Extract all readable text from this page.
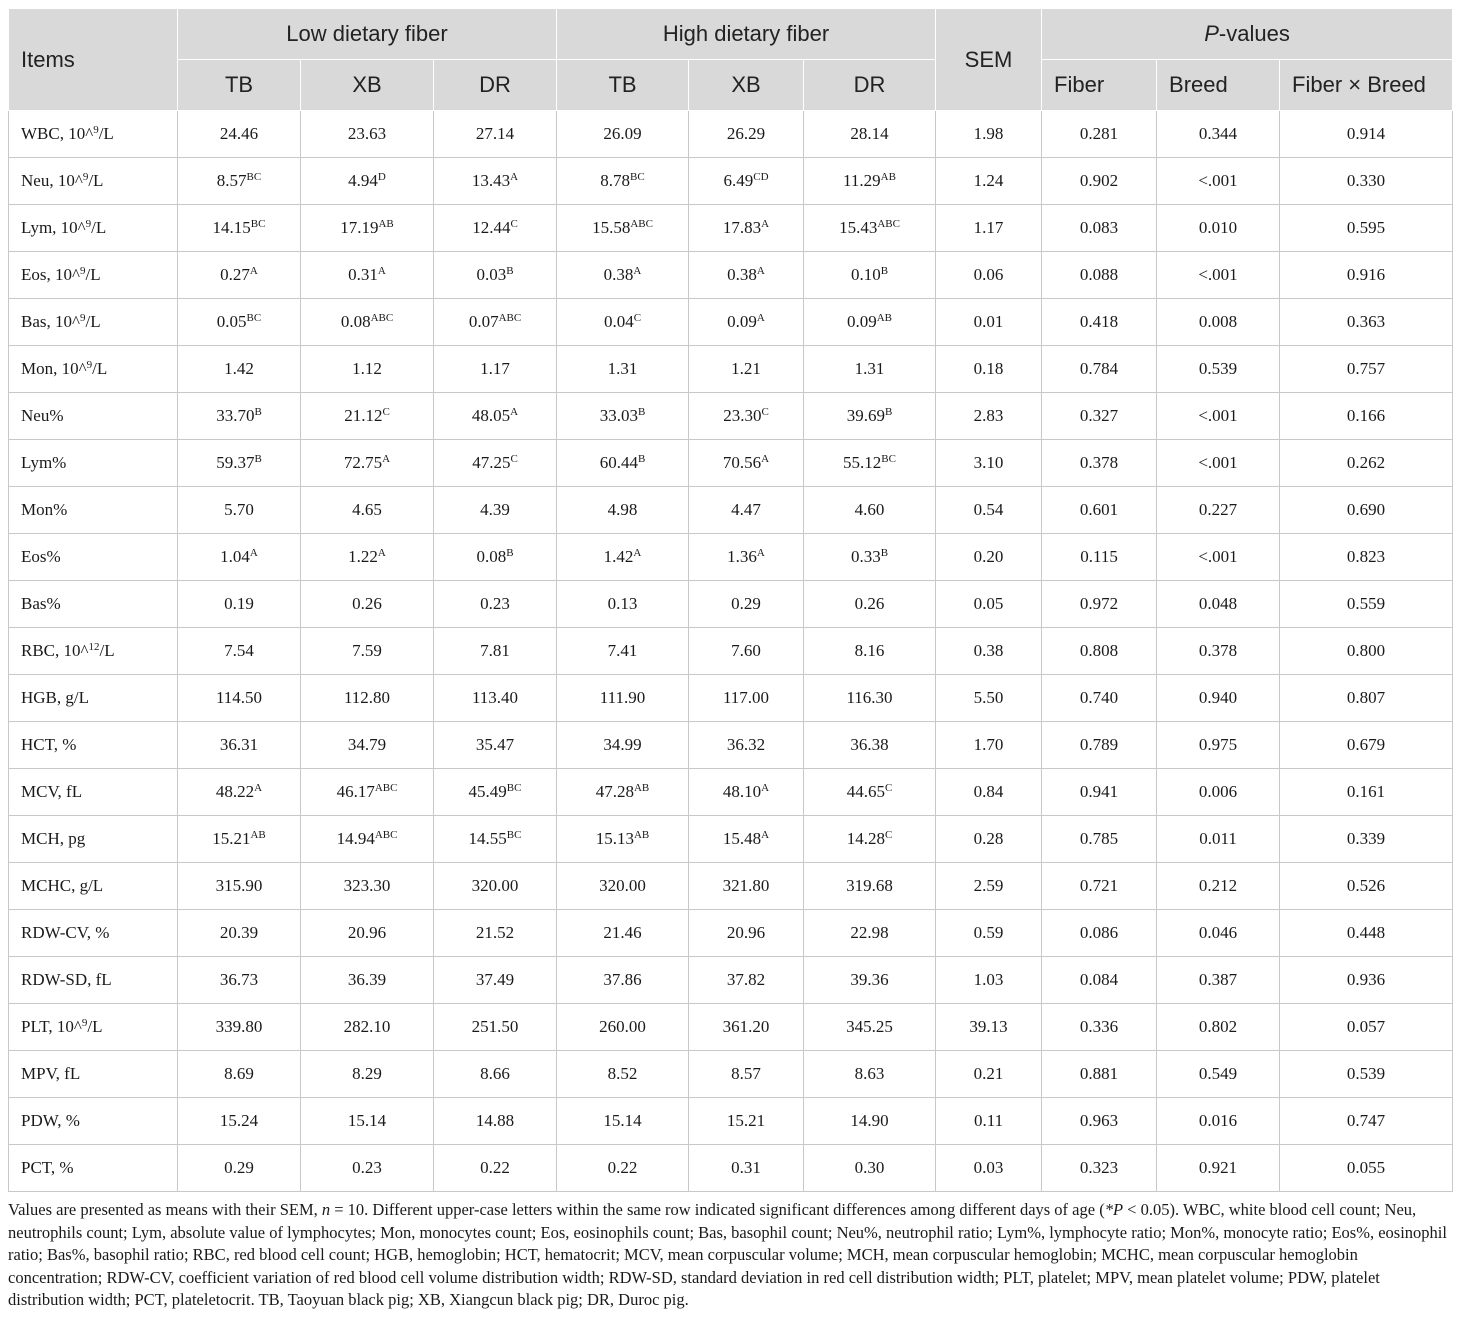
Items	Low dietary fiber			High dietary fiber			SEM	P-values		
	TB	XB	DR	TB	XB	DR		Fiber	Breed	Fiber × Breed
WBC, 10^$^9$/L	24.46	23.63	27.14	26.09	26.29	28.14	1.98	0.281	0.344	0.914
Neu, 10^$^9$/L	$8.57^{BC}$	$4.94^D$	$13.43^A$	$8.78^{BC}$	$6.49^{CD}$	$11.29^{AB}$	1.24	0.902	<.001	0.330
Lym, 10^$^9$/L	$14.15^{BC}$	$17.19^{AB}$	$12.44^C$	$15.58^{ABC}$	$17.83^A$	$15.43^{ABC}$	1.17	0.083	0.010	0.595
Eos, 10^$^9$/L	$0.27^A$	$0.31^A$	$0.03^B$	$0.38^A$	$0.38^A$	$0.10^B$	0.06	0.088	<.001	0.916
Bas, 10^$^9$/L	$0.05^{BC}$	$0.08^{ABC}$	$0.07^{ABC}$	$0.04^C$	$0.09^A$	$0.09^{AB}$	0.01	0.418	0.008	0.363
Mon, 10^$^9$/L	1.42	1.12	1.17	1.31	1.21	1.31	0.18	0.784	0.539	0.757
Neu%	$33.70^B$	$21.12^C$	$48.05^A$	$33.03^B$	$23.30^C$	$39.69^B$	2.83	0.327	<.001	0.166
Lym%	$59.37^B$	$72.75^A$	$47.25^C$	$60.44^B$	$70.56^A$	$55.12^{BC}$	3.10	0.378	<.001	0.262
Mon%	5.70	4.65	4.39	4.98	4.47	4.60	0.54	0.601	0.227	0.690
Eos%	$1.04^A$	$1.22^A$	$0.08^B$	$1.42^A$	$1.36^A$	$0.33^B$	0.20	0.115	<.001	0.823
Bas%	0.19	0.26	0.23	0.13	0.29	0.26	0.05	0.972	0.048	0.559
RBC, 10^$^{12}$/L	7.54	7.59	7.81	7.41	7.60	8.16	0.38	0.808	0.378	0.800
HGB, g/L	114.50	112.80	113.40	111.90	117.00	116.30	5.50	0.740	0.940	0.807
HCT, %	36.31	34.79	35.47	34.99	36.32	36.38	1.70	0.789	0.975	0.679
MCV, fL	$48.22^A$	$46.17^{ABC}$	$45.49^{BC}$	$47.28^{AB}$	$48.10^A$	$44.65^C$	0.84	0.941	0.006	0.161
MCH, pg	$15.21^{AB}$	$14.94^{ABC}$	$14.55^{BC}$	$15.13^{AB}$	$15.48^A$	$14.28^C$	0.28	0.785	0.011	0.339
MCHC, g/L	315.90	323.30	320.00	320.00	321.80	319.68	2.59	0.721	0.212	0.526
RDW-CV, %	20.39	20.96	21.52	21.46	20.96	22.98	0.59	0.086	0.046	0.448
RDW-SD, fL	36.73	36.39	37.49	37.86	37.82	39.36	1.03	0.084	0.387	0.936
PLT, 10^$^9$/L	339.80	282.10	251.50	260.00	361.20	345.25	39.13	0.336	0.802	0.057
MPV, fL	8.69	8.29	8.66	8.52	8.57	8.63	0.21	0.881	0.549	0.539
PDW, %	15.24	15.14	14.88	15.14	15.21	14.90	0.11	0.963	0.016	0.747
PCT, %	0.29	0.23	0.22	0.22	0.31	0.30	0.03	0.323	0.921	0.055

Values are presented as means with their SEM, n = 10. Different upper-case letters within the same row indicated significant differences among different days of age (*P < 0.05). WBC, white blood cell count; Neu, neutrophils count; Lym, absolute value of lymphocytes; Mon, monocytes count; Eos, eosinophils count; Bas, basophil count; Neu%, neutrophil ratio; Lym%, lymphocyte ratio; Mon%, monocyte ratio; Eos%, eosinophil ratio; Bas%, basophil ratio; RBC, red blood cell count; HGB, hemoglobin; HCT, hematocrit; MCV, mean corpuscular volume; MCH, mean corpuscular hemoglobin; MCHC, mean corpuscular hemoglobin concentration; RDW-CV, coefficient variation of red blood cell volume distribution width; RDW-SD, standard deviation in red cell distribution width; PLT, platelet; MPV, mean platelet volume; PDW, platelet distribution width; PCT, plateletocrit. TB, Taoyuan black pig; XB, Xiangcun black pig; DR, Duroc pig.
